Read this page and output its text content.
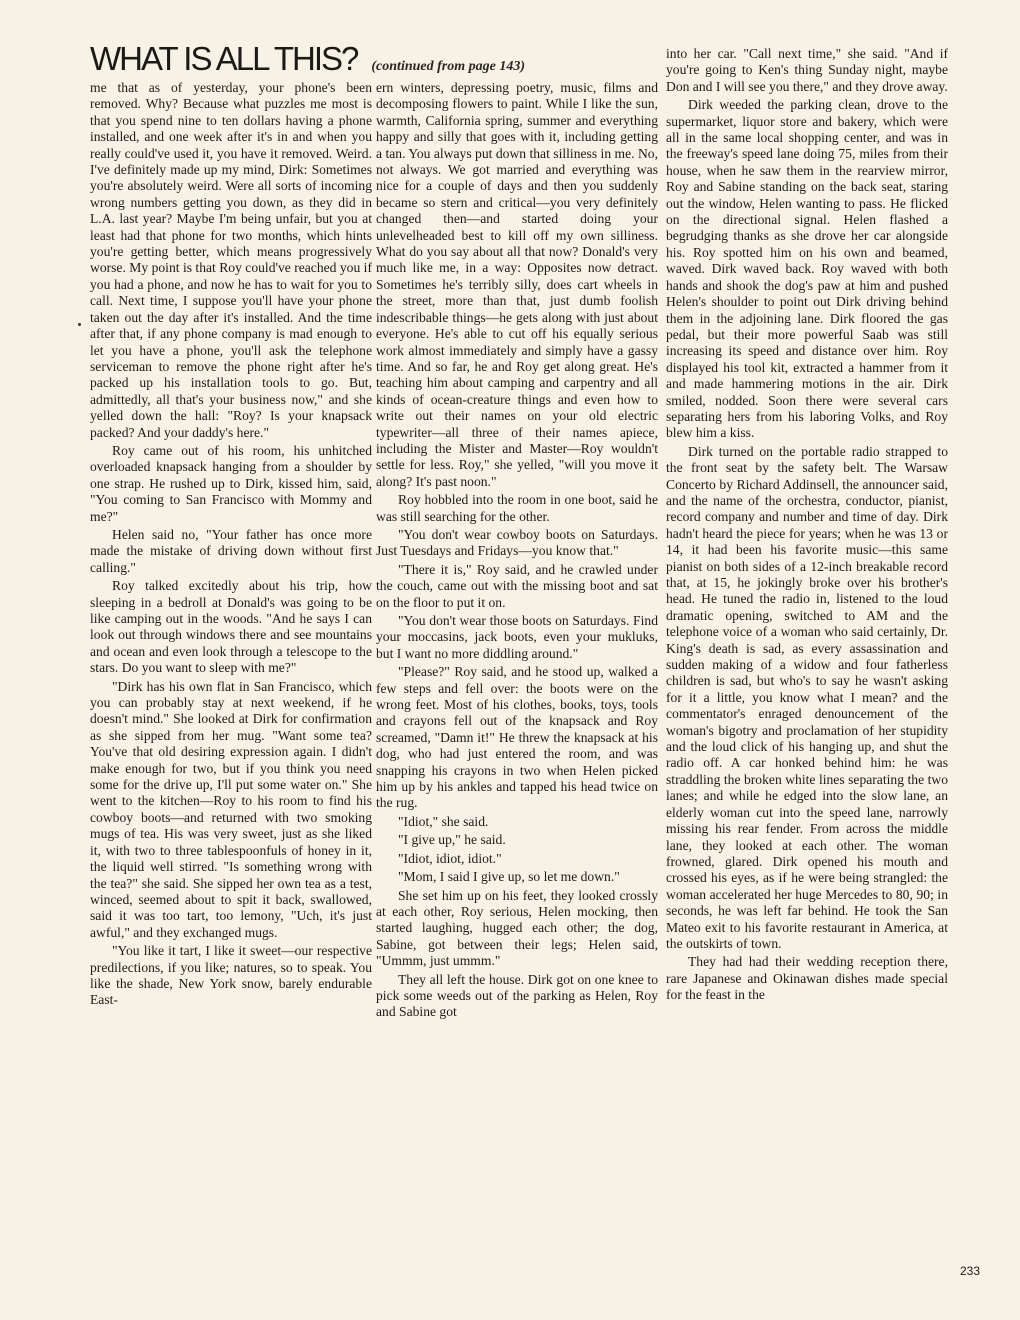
WHAT IS ALL THIS? (continued from page 143)

me that as of yesterday, your phone's been removed. Why? Because what puzzles me most is that you spend nine to ten dollars having a phone installed, and one week after it's in and when you really could've used it, you have it removed. Weird. I've definitely made up my mind, Dirk: Sometimes you're absolutely weird. Were all sorts of incoming wrong numbers getting you down, as they did in L.A. last year? Maybe I'm being unfair, but you at least had that phone for two months, which hints you're getting better, which means progressively worse. My point is that Roy could've reached you if you had a phone, and now he has to wait for you to call. Next time, I suppose you'll have your phone taken out the day after it's installed. And the time after that, if any phone company is mad enough to let you have a phone, you'll ask the telephone serviceman to remove the phone right after he's packed up his installation tools to go. But, admittedly, all that's your business now," and she yelled down the hall: "Roy? Is your knapsack packed? And your daddy's here."

Roy came out of his room, his unhitched overloaded knapsack hanging from a shoulder by one strap. He rushed up to Dirk, kissed him, said, "You coming to San Francisco with Mommy and me?"

Helen said no, "Your father has once more made the mistake of driving down without first calling."

Roy talked excitedly about his trip, how sleeping in a bedroll at Donald's was going to be like camping out in the woods. "And he says I can look out through windows there and see mountains and ocean and even look through a telescope to the stars. Do you want to sleep with me?"

"Dirk has his own flat in San Francisco, which you can probably stay at next weekend, if he doesn't mind." She looked at Dirk for confirmation as she sipped from her mug. "Want some tea? You've that old desiring expression again. I didn't make enough for two, but if you think you need some for the drive up, I'll put some water on." She went to the kitchen—Roy to his room to find his cowboy boots—and returned with two smoking mugs of tea. His was very sweet, just as she liked it, with two to three tablespoonfuls of honey in it, the liquid well stirred. "Is something wrong with the tea?" she said. She sipped her own tea as a test, winced, seemed about to spit it back, swallowed, said it was too tart, too lemony, "Uch, it's just awful," and they exchanged mugs.

"You like it tart, I like it sweet—our respective predilections, if you like; natures, so to speak. You like the shade, New York snow, barely endurable East-

ern winters, depressing poetry, music, films and decomposing flowers to paint. While I like the sun, warmth, California spring, summer and everything happy and silly that goes with it, including getting a tan. You always put down that silliness in me. No, not always. We got married and everything was nice for a couple of days and then you suddenly became so stern and critical—you very definitely changed then—and started doing your unlevelheaded best to kill off my own silliness. What do you say about all that now? Donald's very much like me, in a way: Opposites now detract. Sometimes he's terribly silly, does cart wheels in the street, more than that, just dumb foolish indescribable things—he gets along with just about everyone. He's able to cut off his equally serious work almost immediately and simply have a gassy time. And so far, he and Roy get along great. He's teaching him about camping and carpentry and all kinds of ocean-creature things and even how to write out their names on your old electric typewriter—all three of their names apiece, including the Mister and Master—Roy wouldn't settle for less. Roy," she yelled, "will you move it along? It's past noon."

Roy hobbled into the room in one boot, said he was still searching for the other.

"You don't wear cowboy boots on Saturdays. Just Tuesdays and Fridays—you know that."

"There it is," Roy said, and he crawled under the couch, came out with the missing boot and sat on the floor to put it on.

"You don't wear those boots on Saturdays. Find your moccasins, jack boots, even your mukluks, but I want no more diddling around."

"Please?" Roy said, and he stood up, walked a few steps and fell over: the boots were on the wrong feet. Most of his clothes, books, toys, tools and crayons fell out of the knapsack and Roy screamed, "Damn it!" He threw the knapsack at his dog, who had just entered the room, and was snapping his crayons in two when Helen picked him up by his ankles and tapped his head twice on the rug.

"Idiot," she said.

"I give up," he said.

"Idiot, idiot, idiot."

"Mom, I said I give up, so let me down."

She set him up on his feet, they looked crossly at each other, Roy serious, Helen mocking, then started laughing, hugged each other; the dog, Sabine, got between their legs; Helen said, "Ummm, just ummm."

They all left the house. Dirk got on one knee to pick some weeds out of the parking as Helen, Roy and Sabine got

into her car. "Call next time," she said. "And if you're going to Ken's thing Sunday night, maybe Don and I will see you there," and they drove away.

Dirk weeded the parking clean, drove to the supermarket, liquor store and bakery, which were all in the same local shopping center, and was in the freeway's speed lane doing 75, miles from their house, when he saw them in the rearview mirror, Roy and Sabine standing on the back seat, staring out the window, Helen wanting to pass. He flicked on the directional signal. Helen flashed a begrudging thanks as she drove her car alongside his. Roy spotted him on his own and beamed, waved. Dirk waved back. Roy waved with both hands and shook the dog's paw at him and pushed Helen's shoulder to point out Dirk driving behind them in the adjoining lane. Dirk floored the gas pedal, but their more powerful Saab was still increasing its speed and distance over him. Roy displayed his tool kit, extracted a hammer from it and made hammering motions in the air. Dirk smiled, nodded. Soon there were several cars separating hers from his laboring Volks, and Roy blew him a kiss.

Dirk turned on the portable radio strapped to the front seat by the safety belt. The Warsaw Concerto by Richard Addinsell, the announcer said, and the name of the orchestra, conductor, pianist, record company and number and time of day. Dirk hadn't heard the piece for years; when he was 13 or 14, it had been his favorite music—this same pianist on both sides of a 12-inch breakable record that, at 15, he jokingly broke over his brother's head. He tuned the radio in, listened to the loud dramatic opening, switched to AM and the telephone voice of a woman who said certainly, Dr. King's death is sad, as every assassination and sudden making of a widow and four fatherless children is sad, but who's to say he wasn't asking for it a little, you know what I mean? and the commentator's enraged denouncement of the woman's bigotry and proclamation of her stupidity and the loud click of his hanging up, and shut the radio off. A car honked behind him: he was straddling the broken white lines separating the two lanes; and while he edged into the slow lane, an elderly woman cut into the speed lane, narrowly missing his rear fender. From across the middle lane, they looked at each other. The woman frowned, glared. Dirk opened his mouth and crossed his eyes, as if he were being strangled: the woman accelerated her huge Mercedes to 80, 90; in seconds, he was left far behind. He took the San Mateo exit to his favorite restaurant in America, at the outskirts of town.

They had had their wedding reception there, rare Japanese and Okinawan dishes made special for the feast in the

233
